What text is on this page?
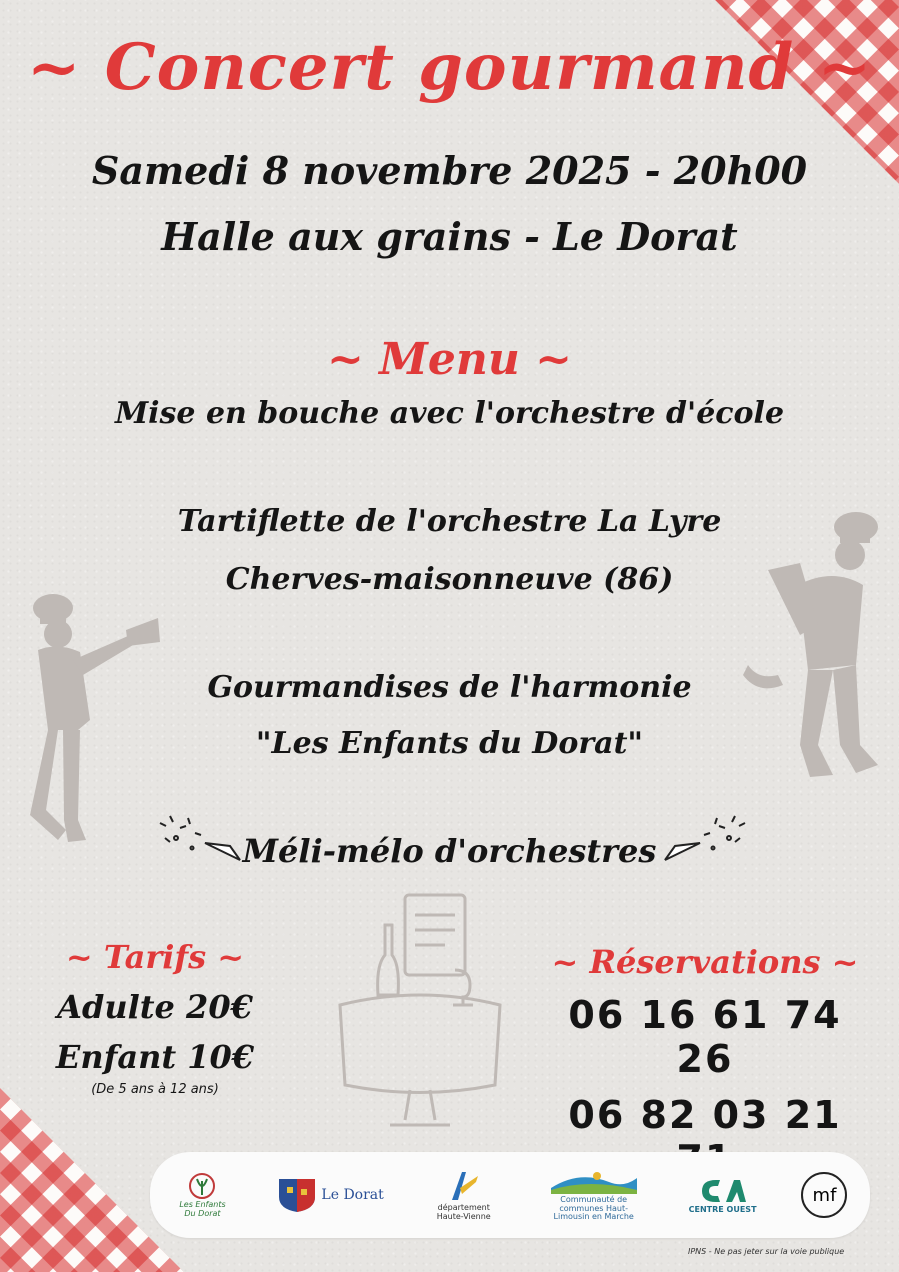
~ Concert gourmand ~
Samedi 8 novembre 2025 - 20h00
Halle aux grains - Le Dorat
~ Menu ~
Mise en bouche avec l'orchestre d'école
Tartiflette de l'orchestre La Lyre
Cherves-maisonneuve (86)
Gourmandises de l'harmonie
"Les Enfants du Dorat"
Méli-mélo d'orchestres
~ Tarifs ~
Adulte 20€
Enfant 10€
(De 5 ans à 12 ans)
~ Réservations ~
06 16 61 74 26
06 82 03 21
Les Enfants Du Dorat
Le Dorat
département Haute-Vienne
Communauté de communes Haut-Limousin en Marche
CENTRE OUEST
mf
IPNS - Ne pas jeter sur la voie publique
